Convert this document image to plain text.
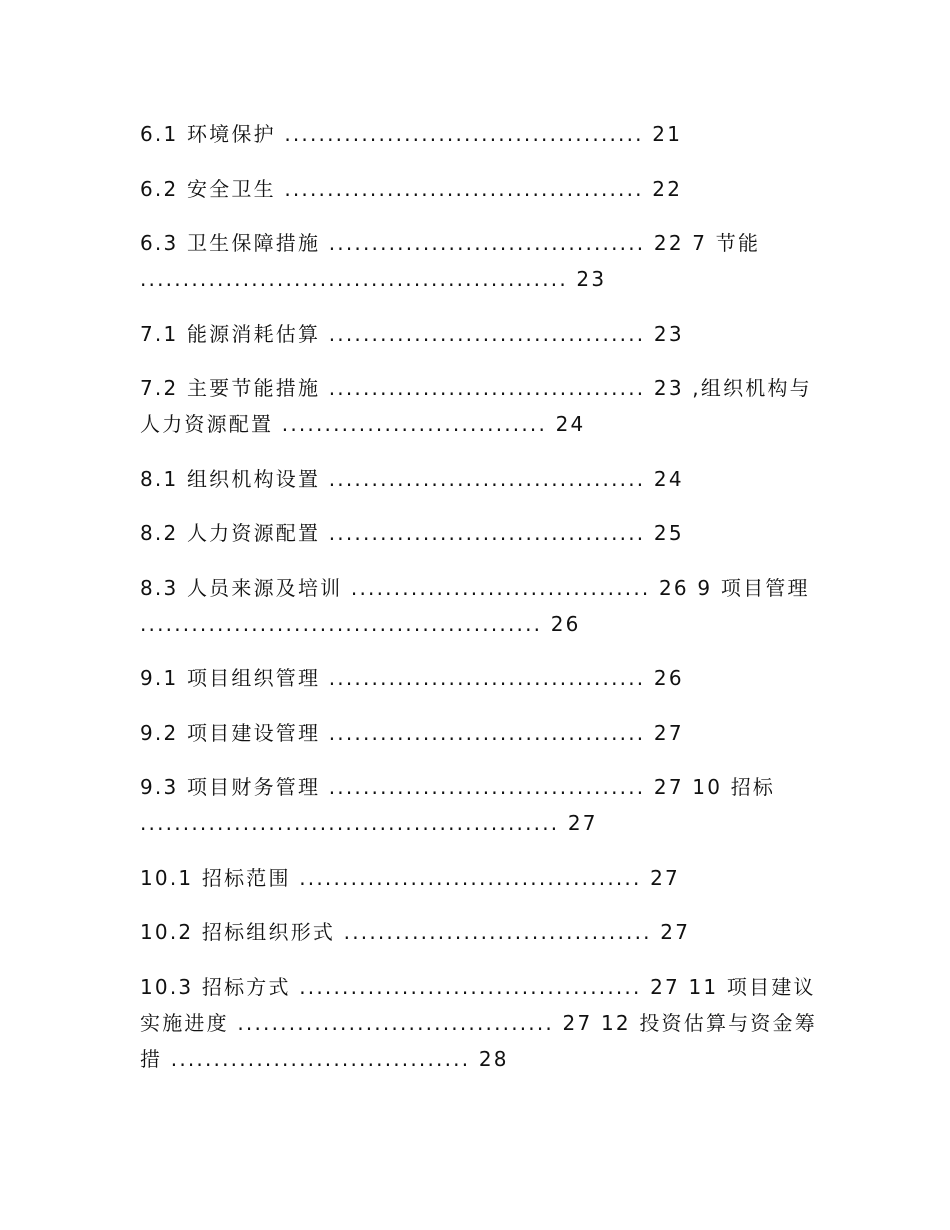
6.1 环境保护 .......................................... 21

6.2 安全卫生 .......................................... 22

6.3 卫生保障措施 ..................................... 22 7 节能 .................................................. 23

7.1 能源消耗估算 ..................................... 23

7.2 主要节能措施 ..................................... 23 ,组织机构与人力资源配置 ............................... 24

8.1 组织机构设置 ..................................... 24

8.2 人力资源配置 ..................................... 25

8.3 人员来源及培训 ................................... 26 9 项目管理 ............................................... 26

9.1 项目组织管理 ..................................... 26

9.2 项目建设管理 ..................................... 27

9.3 项目财务管理 ..................................... 27 10 招标 ................................................. 27

10.1 招标范围 ........................................ 27

10.2 招标组织形式 .................................... 27

10.3 招标方式 ........................................ 27 11 项目建议实施进度 ..................................... 27 12 投资估算与资金筹措 ................................... 28
